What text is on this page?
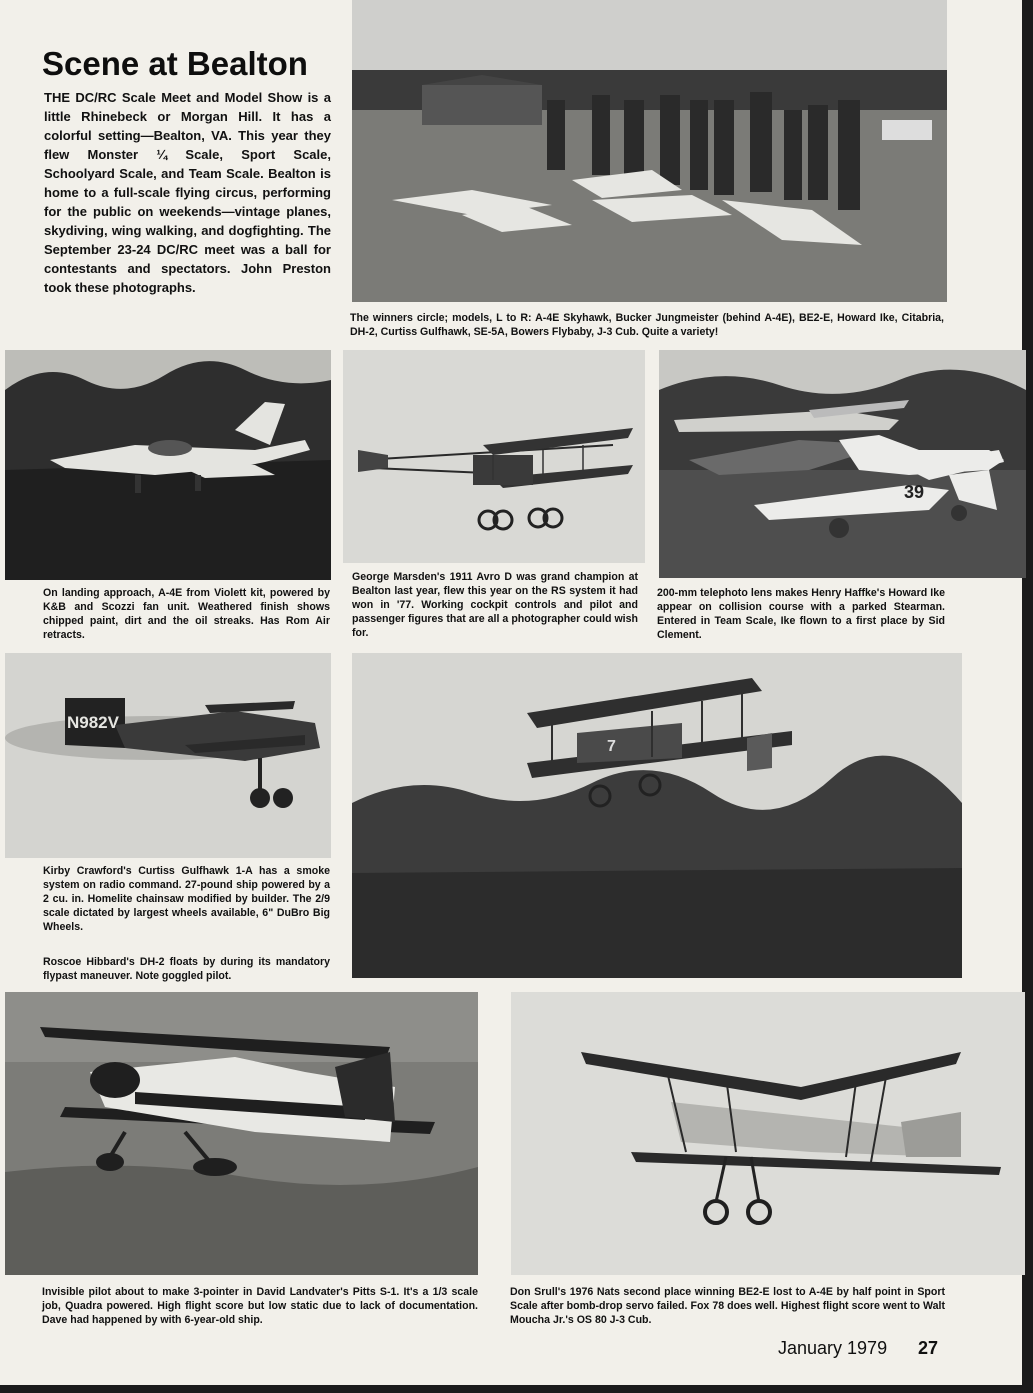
Scene at Bealton

THE DC/RC Scale Meet and Model Show is a little Rhinebeck or Morgan Hill. It has a colorful setting—Bealton, VA. This year they flew Monster ¼ Scale, Sport Scale, Schoolyard Scale, and Team Scale. Bealton is home to a full-scale flying circus, performing for the public on weekends—vintage planes, skydiving, wing walking, and dogfighting. The September 23-24 DC/RC meet was a ball for contestants and spectators. John Preston took these photographs.

The winners circle; models, L to R: A-4E Skyhawk, Bucker Jungmeister (behind A-4E), BE2-E, Howard Ike, Citabria, DH-2, Curtiss Gulfhawk, SE-5A, Bowers Flybaby, J-3 Cub. Quite a variety!

On landing approach, A-4E from Violett kit, powered by K&B and Scozzi fan unit. Weathered finish shows chipped paint, dirt and the oil streaks. Has Rom Air retracts.

George Marsden's 1911 Avro D was grand champion at Bealton last year, flew this year on the RS system it had won in '77. Working cockpit controls and pilot and passenger figures that are all a photographer could wish for.

39

200-mm telephoto lens makes Henry Haffke's Howard Ike appear on collision course with a parked Stearman. Entered in Team Scale, Ike flown to a first place by Sid Clement.

N982V

Kirby Crawford's Curtiss Gulfhawk 1-A has a smoke system on radio command. 27-pound ship powered by a 2 cu. in. Homelite chainsaw modified by builder. The 2/9 scale dictated by largest wheels available, 6" DuBro Big Wheels.

7

Roscoe Hibbard's DH-2 floats by during its mandatory flypast maneuver. Note goggled pilot.

Invisible pilot about to make 3-pointer in David Landvater's Pitts S-1. It's a 1/3 scale job, Quadra powered. High flight score but low static due to lack of documentation. Dave had happened by with 6-year-old ship.

Don Srull's 1976 Nats second place winning BE2-E lost to A-4E by half point in Sport Scale after bomb-drop servo failed. Fox 78 does well. Highest flight score went to Walt Moucha Jr.'s OS 80 J-3 Cub.

January 1979 27
